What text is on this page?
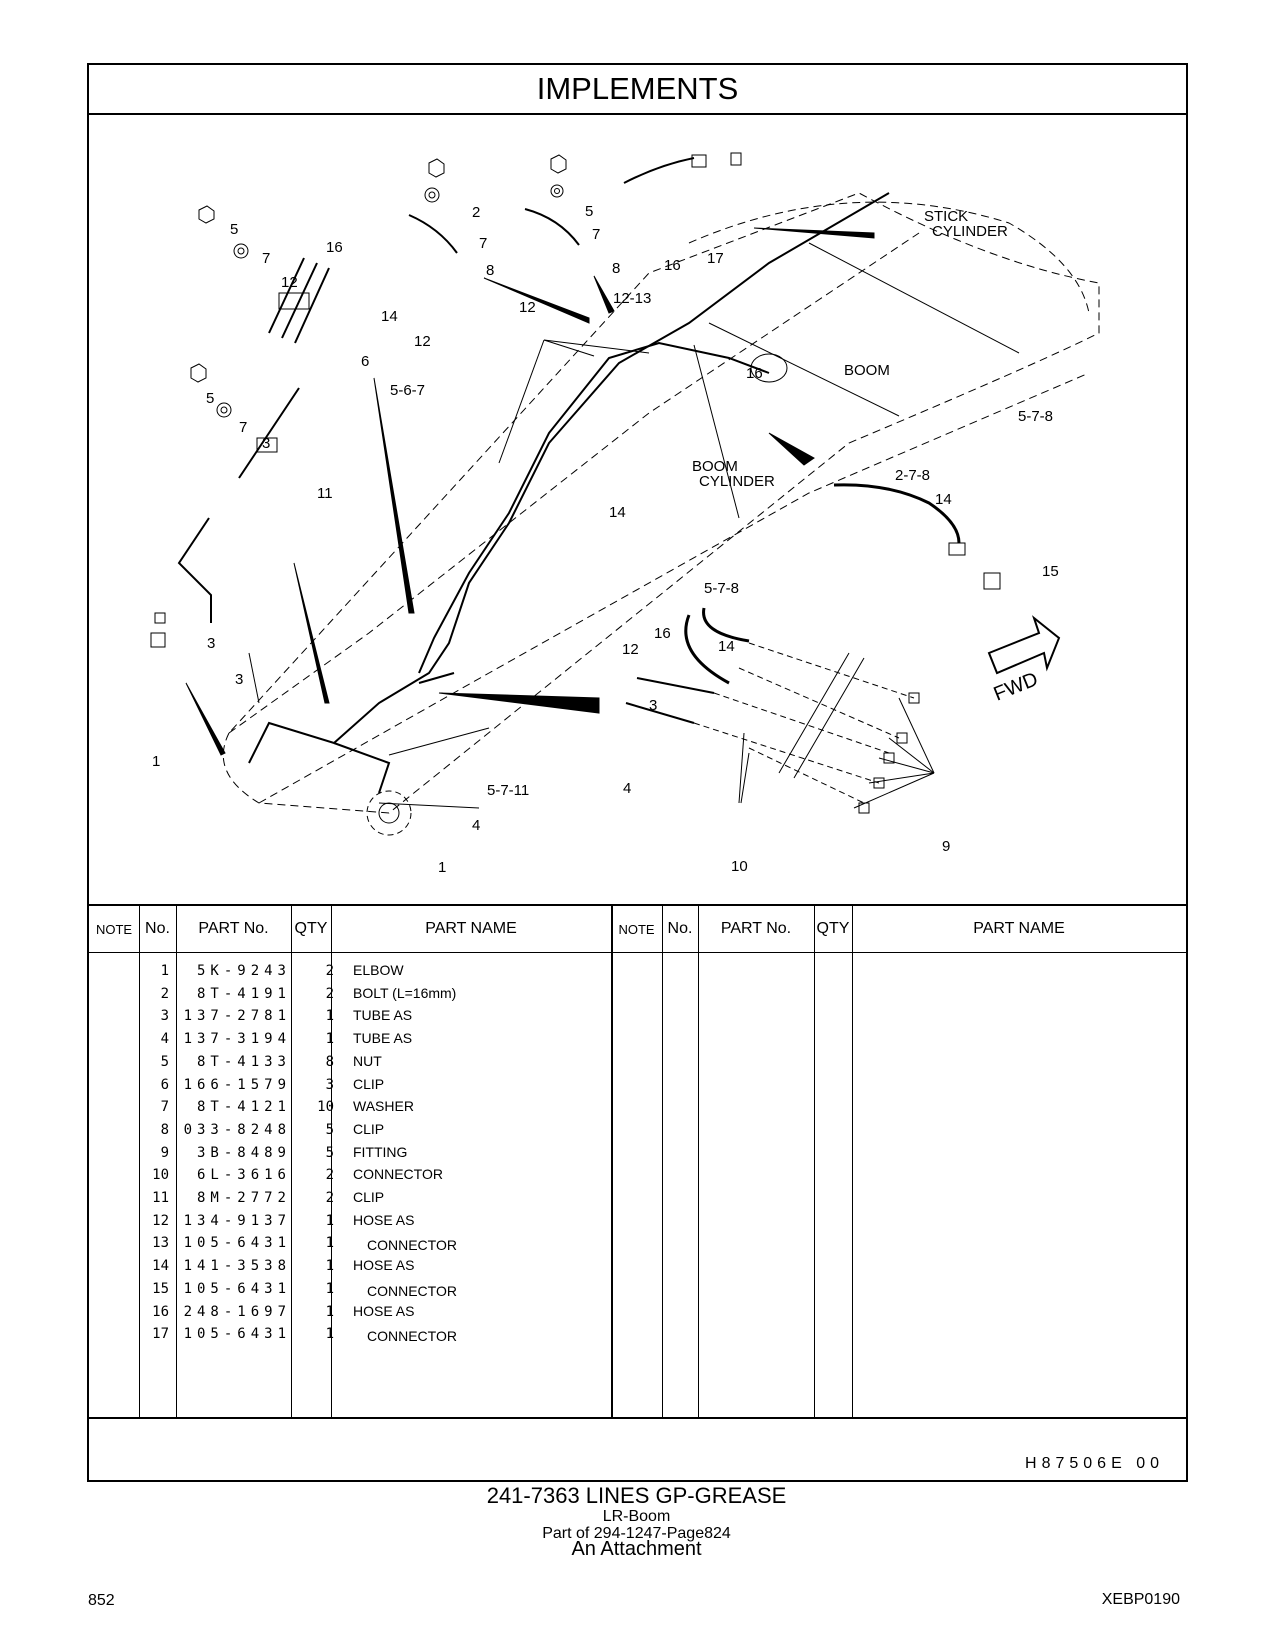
IMPLEMENTS
STICK
CYLINDER
BOOM
BOOM
CYLINDER
FWD
5
7
12
16
14
6
2
7
8
12
5
7
8
12
12-13
16 17
5-6-7
16
5-7-8
5
7
3
11
14
2-7-8
14
15
3
5-7-8
3
16
12	14
3
4
1
5-7-11
4
1
9
10
NOTE No.	PART No.	QTY	PART NAME	NOTE No.	PART No.	QTY	PART NAME
1	5K-9243	2 ELBOW
2	8T-4191	2 BOLT (L=16mm)
3 137-2781	1 TUBE AS
4 137-3194	1 TUBE AS
5	8T-4133	8 NUT
6 166-1579	3 CLIP
7	8T-4121	10 WASHER
8 033-8248	5 CLIP
9	3B-8489	5 FITTING
10	6L-3616	2 CONNECTOR
11	8M-2772	2 CLIP
12 134-9137	1 HOSE AS
13 105-6431	1 CONNECTOR
14 141-3538	1 HOSE AS
15 105-6431	1 CONNECTOR
16 248-1697	1 HOSE AS
17 105-6431	1 CONNECTOR
H87506E 00
241-7363 LINES GP-GREASE
LR-Boom
Part of 294-1247-Page824
An Attachment
852	XEBP0190
